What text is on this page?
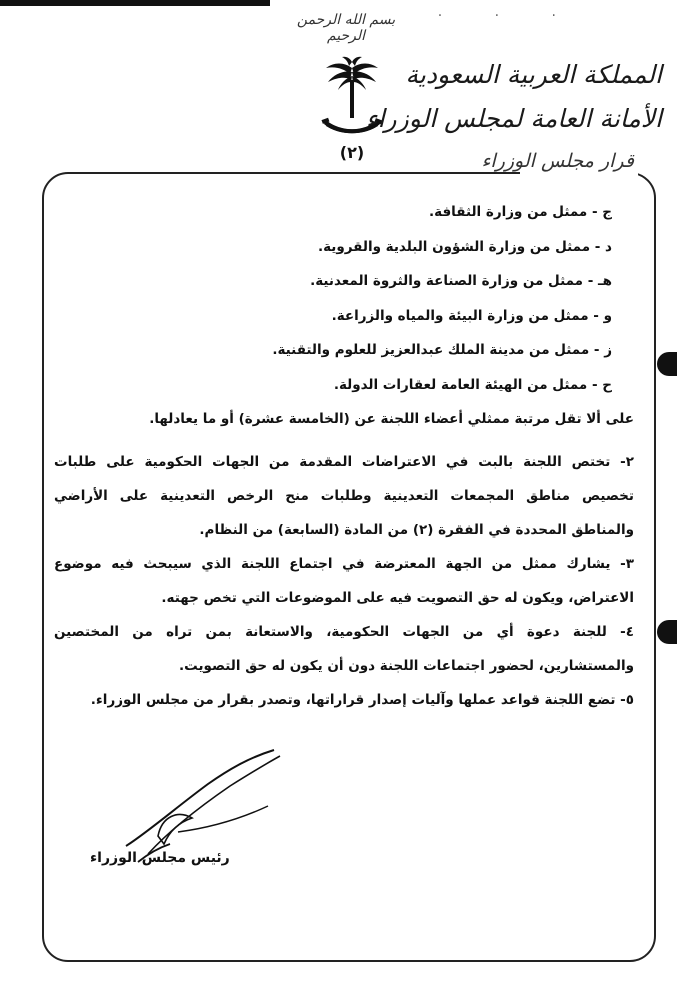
· · ·
بسم الله الرحمن الرحيم
(٢)
المملكة العربية السعودية
الأمانة العامة لمجلس الوزراء
قرار مجلس الوزراء
ج - ممثل من وزارة الثقافة.
د - ممثل من وزارة الشؤون البلدية والقروية.
هـ - ممثل من وزارة الصناعة والثروة المعدنية.
و - ممثل من وزارة البيئة والمياه والزراعة.
ز - ممثل من مدينة الملك عبدالعزيز للعلوم والتقنية.
ح - ممثل من الهيئة العامة لعقارات الدولة.
على ألا تقل مرتبة ممثلي أعضاء اللجنة عن (الخامسة عشرة) أو ما يعادلها.
٢- تختص اللجنة بالبت في الاعتراضات المقدمة من الجهات الحكومية على طلبات تخصيص مناطق المجمعات التعدينية وطلبات منح الرخص التعدينية على الأراضي والمناطق المحددة في الفقرة (٢) من المادة (السابعة) من النظام.
٣- يشارك ممثل من الجهة المعترضة في اجتماع اللجنة الذي سيبحث فيه موضوع الاعتراض، ويكون له حق التصويت فيه على الموضوعات التي تخص جهته.
٤- للجنة دعوة أي من الجهات الحكومية، والاستعانة بمن تراه من المختصين والمستشارين، لحضور اجتماعات اللجنة دون أن يكون له حق التصويت.
٥- تضع اللجنة قواعد عملها وآليات إصدار قراراتها، وتصدر بقرار من مجلس الوزراء.
رئيس مجلس الوزراء
